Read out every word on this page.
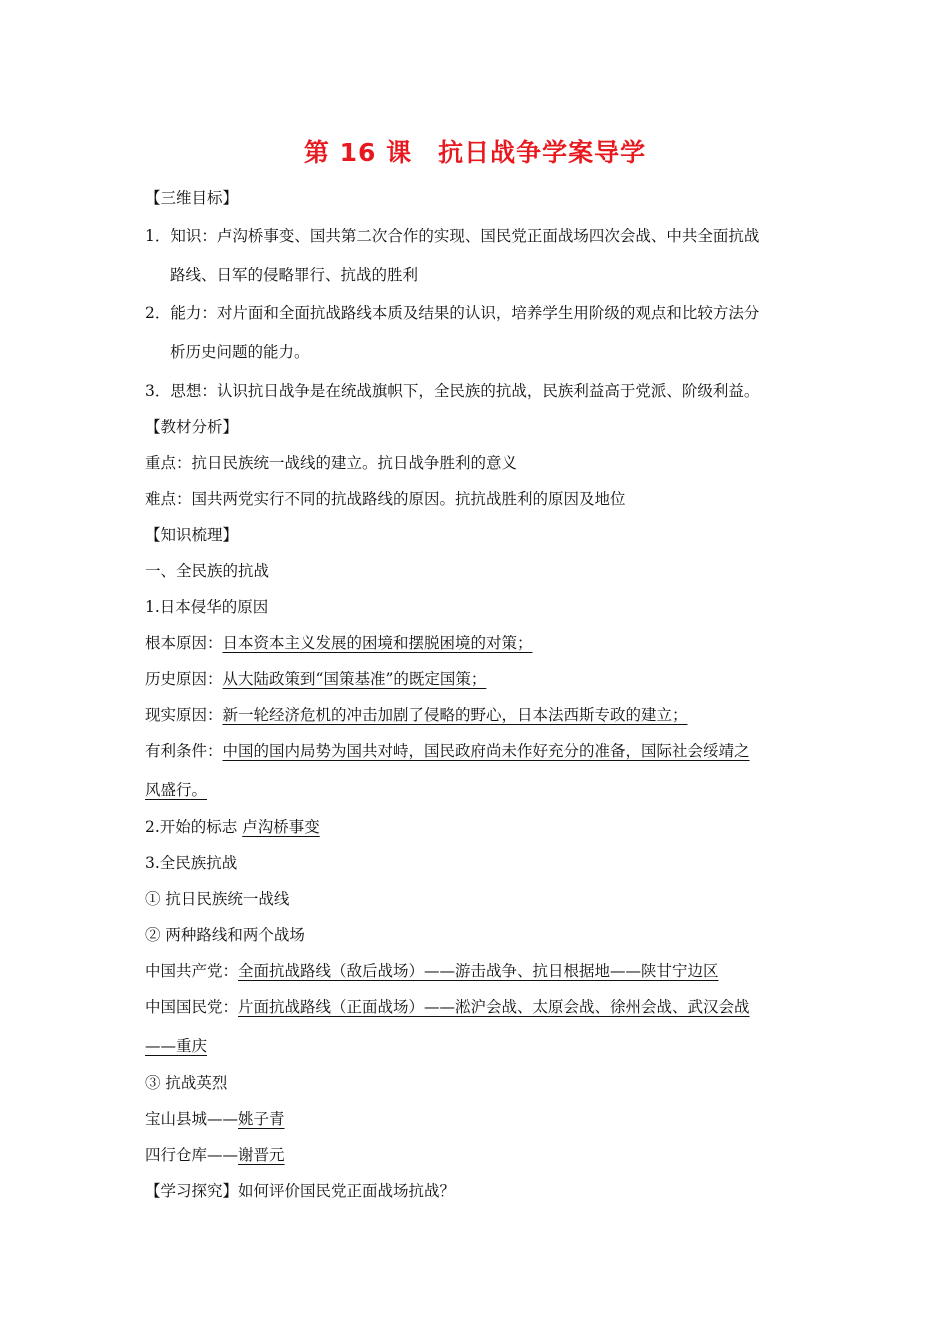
第 16 课　抗日战争学案导学
【三维目标】
1．知识：卢沟桥事变、国共第二次合作的实现、国民党正面战场四次会战、中共全面抗战
路线、日军的侵略罪行、抗战的胜利
2．能力：对片面和全面抗战路线本质及结果的认识，培养学生用阶级的观点和比较方法分
析历史问题的能力。
3．思想：认识抗日战争是在统战旗帜下，全民族的抗战，民族利益高于党派、阶级利益。
【教材分析】
重点：抗日民族统一战线的建立。抗日战争胜利的意义
难点：国共两党实行不同的抗战路线的原因。抗抗战胜利的原因及地位
【知识梳理】
一、全民族的抗战
1.日本侵华的原因
根本原因：日本资本主义发展的困境和摆脱困境的对策；
历史原因：从大陆政策到“国策基准”的既定国策；
现实原因：新一轮经济危机的冲击加剧了侵略的野心，日本法西斯专政的建立；
有利条件：中国的国内局势为国共对峙，国民政府尚未作好充分的准备，国际社会绥靖之
风盛行。
2.开始的标志 卢沟桥事变
3.全民族抗战
① 抗日民族统一战线
② 两种路线和两个战场
中国共产党：全面抗战路线（敌后战场）——游击战争、抗日根据地——陕甘宁边区
中国国民党：片面抗战路线（正面战场）——淞沪会战、太原会战、徐州会战、武汉会战
——重庆
③ 抗战英烈
宝山县城——姚子青
四行仓库——谢晋元
【学习探究】如何评价国民党正面战场抗战？
